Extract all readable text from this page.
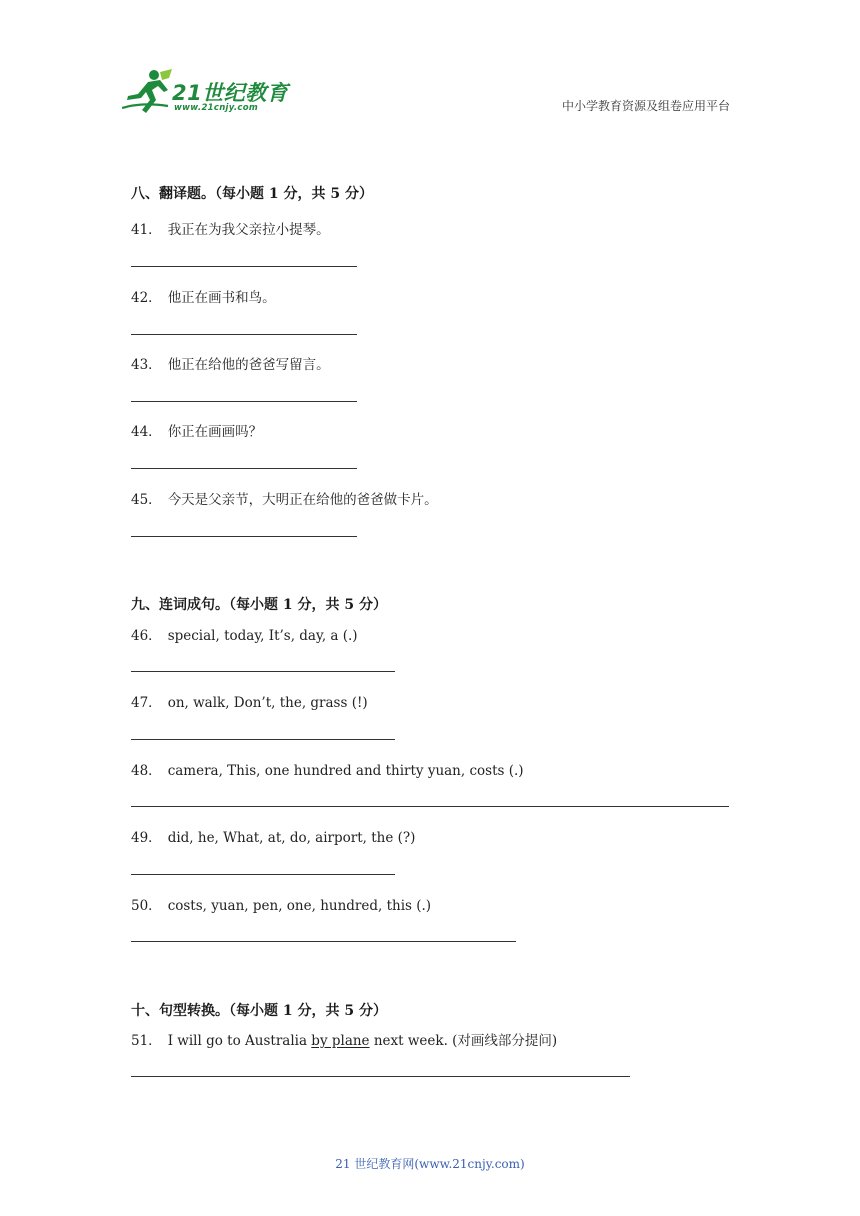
21世纪教育
www.21cnjy.com	中小学教育资源及组卷应用平台
八、翻译题。（每小题 1 分，共 5 分）
41． 我正在为我父亲拉小提琴。
42． 他正在画书和鸟。
43． 他正在给他的爸爸写留言。
44． 你正在画画吗？
45． 今天是父亲节，大明正在给他的爸爸做卡片。
九、连词成句。（每小题 1 分，共 5 分）
46． special, today, It’s, day, a (.)
47． on, walk, Don’t, the, grass (!)
48． camera, This, one hundred and thirty yuan, costs (.)
49． did, he, What, at, do, airport, the (?)
50． costs, yuan, pen, one, hundred, this (.)
十、句型转换。（每小题 1 分，共 5 分）
51． I will go to Australia by plane next week. (对画线部分提问)
21 世纪教育网(www.21cnjy.com)
